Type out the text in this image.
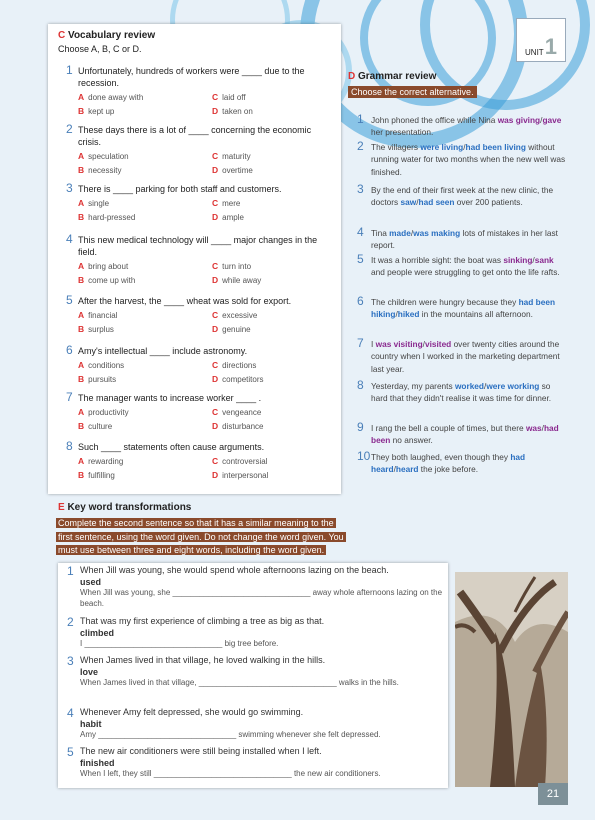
UNIT 1
C Vocabulary review
Choose A, B, C or D.
1 Unfortunately, hundreds of workers were ____ due to the recession.
A done away with	C laid off
B kept up	D taken on
2 These days there is a lot of ____ concerning the economic crisis.
A speculation	C maturity
B necessity	D overtime
3 There is ____ parking for both staff and customers.
A single	C mere
B hard-pressed	D ample
4 This new medical technology will ____ major changes in the field.
A bring about	C turn into
B come up with	D while away
5 After the harvest, the ____ wheat was sold for export.
A financial	C excessive
B surplus	D genuine
6 Amy's intellectual ____ include astronomy.
A conditions	C directions
B pursuits	D competitors
7 The manager wants to increase worker ____ .
A productivity	C vengeance
B culture	D disturbance
8 Such ____ statements often cause arguments.
A rewarding	C controversial
B fulfilling	D interpersonal
D Grammar review
Choose the correct alternative.
1 John phoned the office while Nina was giving/gave her presentation.
2 The villagers were living/had been living without running water for two months when the new well was finished.
3 By the end of their first week at the new clinic, the doctors saw/had seen over 200 patients.
4 Tina made/was making lots of mistakes in her last report.
5 It was a horrible sight: the boat was sinking/sank and people were struggling to get onto the life rafts.
6 The children were hungry because they had been hiking/hiked in the mountains all afternoon.
7 I was visiting/visited over twenty cities around the country when I worked in the marketing department last year.
8 Yesterday, my parents worked/were working so hard that they didn't realise it was time for dinner.
9 I rang the bell a couple of times, but there was/had been no answer.
10 They both laughed, even though they had heard/heard the joke before.
E Key word transformations
Complete the second sentence so that it has a similar meaning to the
first sentence, using the word given. Do not change the word given. You
must use between three and eight words, including the word given.
1 When Jill was young, she would spend whole afternoons lazing on the beach.
used
When Jill was young, she _______________________________ away whole afternoons lazing on the beach.
2 That was my first experience of climbing a tree as big as that.
climbed
I _______________________________ big tree before.
3 When James lived in that village, he loved walking in the hills.
love
When James lived in that village, _______________________________ walks in the hills.
4 Whenever Amy felt depressed, she would go swimming.
habit
Amy _______________________________ swimming whenever she felt depressed.
5 The new air conditioners were still being installed when I left.
finished
When I left, they still _______________________________ the new air conditioners.
21
